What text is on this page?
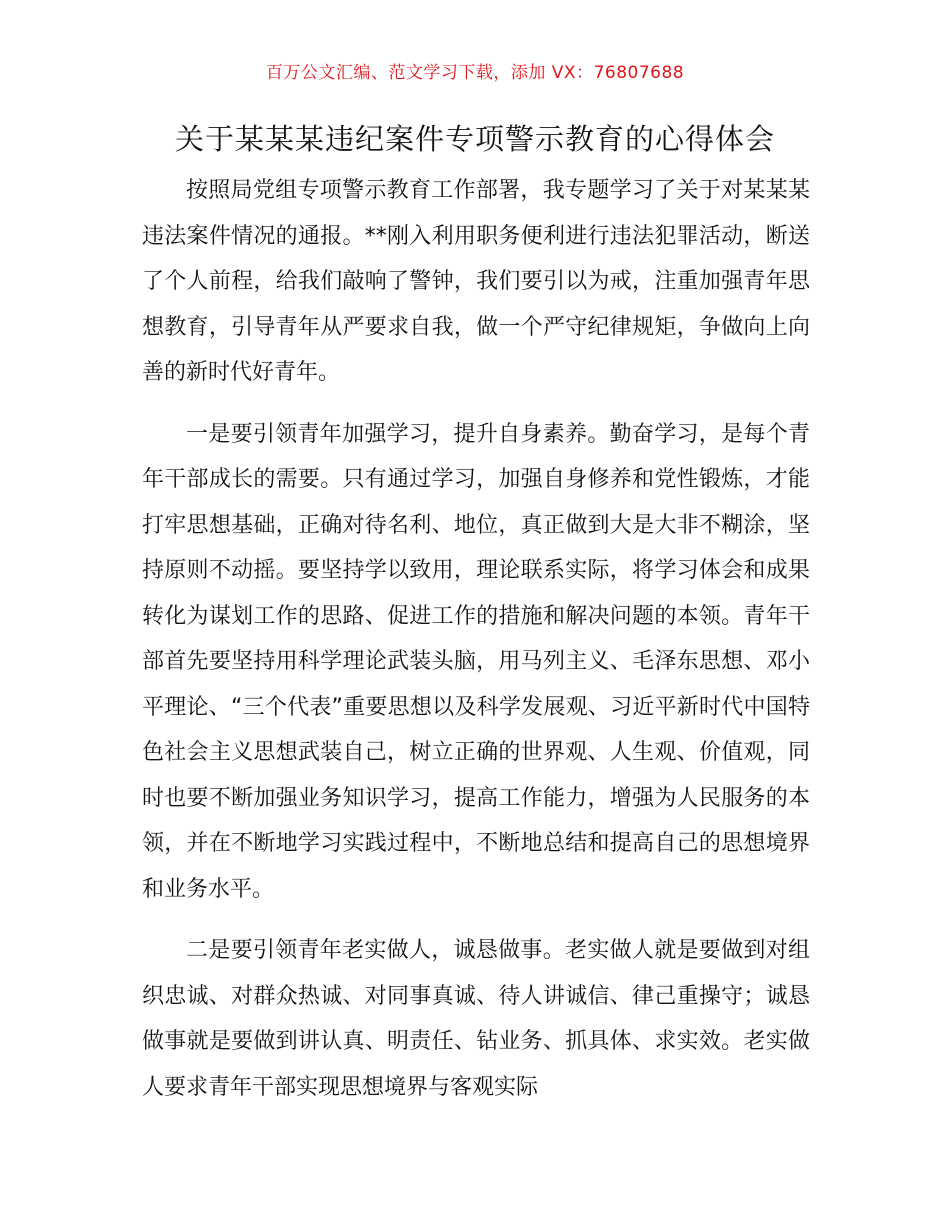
百万公文汇编、范文学习下载，添加 VX：76807688
关于某某某违纪案件专项警示教育的心得体会

按照局党组专项警示教育工作部署，我专题学习了关于对某某某违法案件情况的通报。**刚入利用职务便利进行违法犯罪活动，断送了个人前程，给我们敲响了警钟，我们要引以为戒，注重加强青年思想教育，引导青年从严要求自我，做一个严守纪律规矩，争做向上向善的新时代好青年。

一是要引领青年加强学习，提升自身素养。勤奋学习，是每个青年干部成长的需要。只有通过学习，加强自身修养和党性锻炼，才能打牢思想基础，正确对待名利、地位，真正做到大是大非不糊涂，坚持原则不动摇。要坚持学以致用，理论联系实际，将学习体会和成果转化为谋划工作的思路、促进工作的措施和解决问题的本领。青年干部首先要坚持用科学理论武装头脑，用马列主义、毛泽东思想、邓小平理论、“三个代表”重要思想以及科学发展观、习近平新时代中国特色社会主义思想武装自己，树立正确的世界观、人生观、价值观，同时也要不断加强业务知识学习，提高工作能力，增强为人民服务的本领，并在不断地学习实践过程中，不断地总结和提高自己的思想境界和业务水平。

二是要引领青年老实做人，诚恳做事。老实做人就是要做到对组织忠诚、对群众热诚、对同事真诚、待人讲诚信、律己重操守；诚恳做事就是要做到讲认真、明责任、钻业务、抓具体、求实效。老实做人要求青年干部实现思想境界与客观实际
